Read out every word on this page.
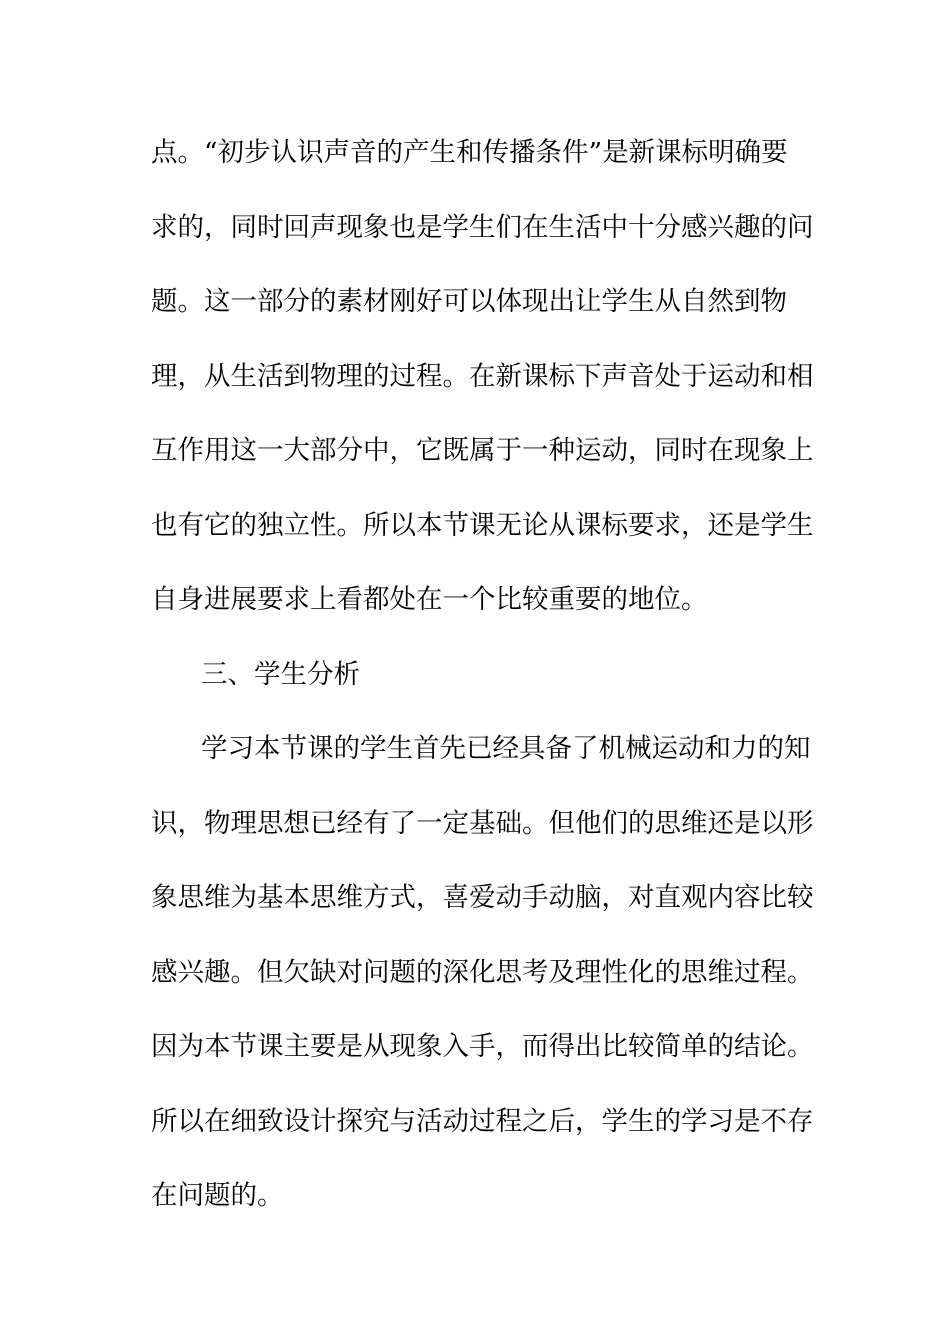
点。“初步认识声音的产生和传播条件”是新课标明确要
求的，同时回声现象也是学生们在生活中十分感兴趣的问
题。这一部分的素材刚好可以体现出让学生从自然到物
理，从生活到物理的过程。在新课标下声音处于运动和相
互作用这一大部分中，它既属于一种运动，同时在现象上
也有它的独立性。所以本节课无论从课标要求，还是学生
自身进展要求上看都处在一个比较重要的地位。
三、学生分析
学习本节课的学生首先已经具备了机械运动和力的知
识，物理思想已经有了一定基础。但他们的思维还是以形
象思维为基本思维方式，喜爱动手动脑，对直观内容比较
感兴趣。但欠缺对问题的深化思考及理性化的思维过程。
因为本节课主要是从现象入手，而得出比较简单的结论。
所以在细致设计探究与活动过程之后，学生的学习是不存
在问题的。
